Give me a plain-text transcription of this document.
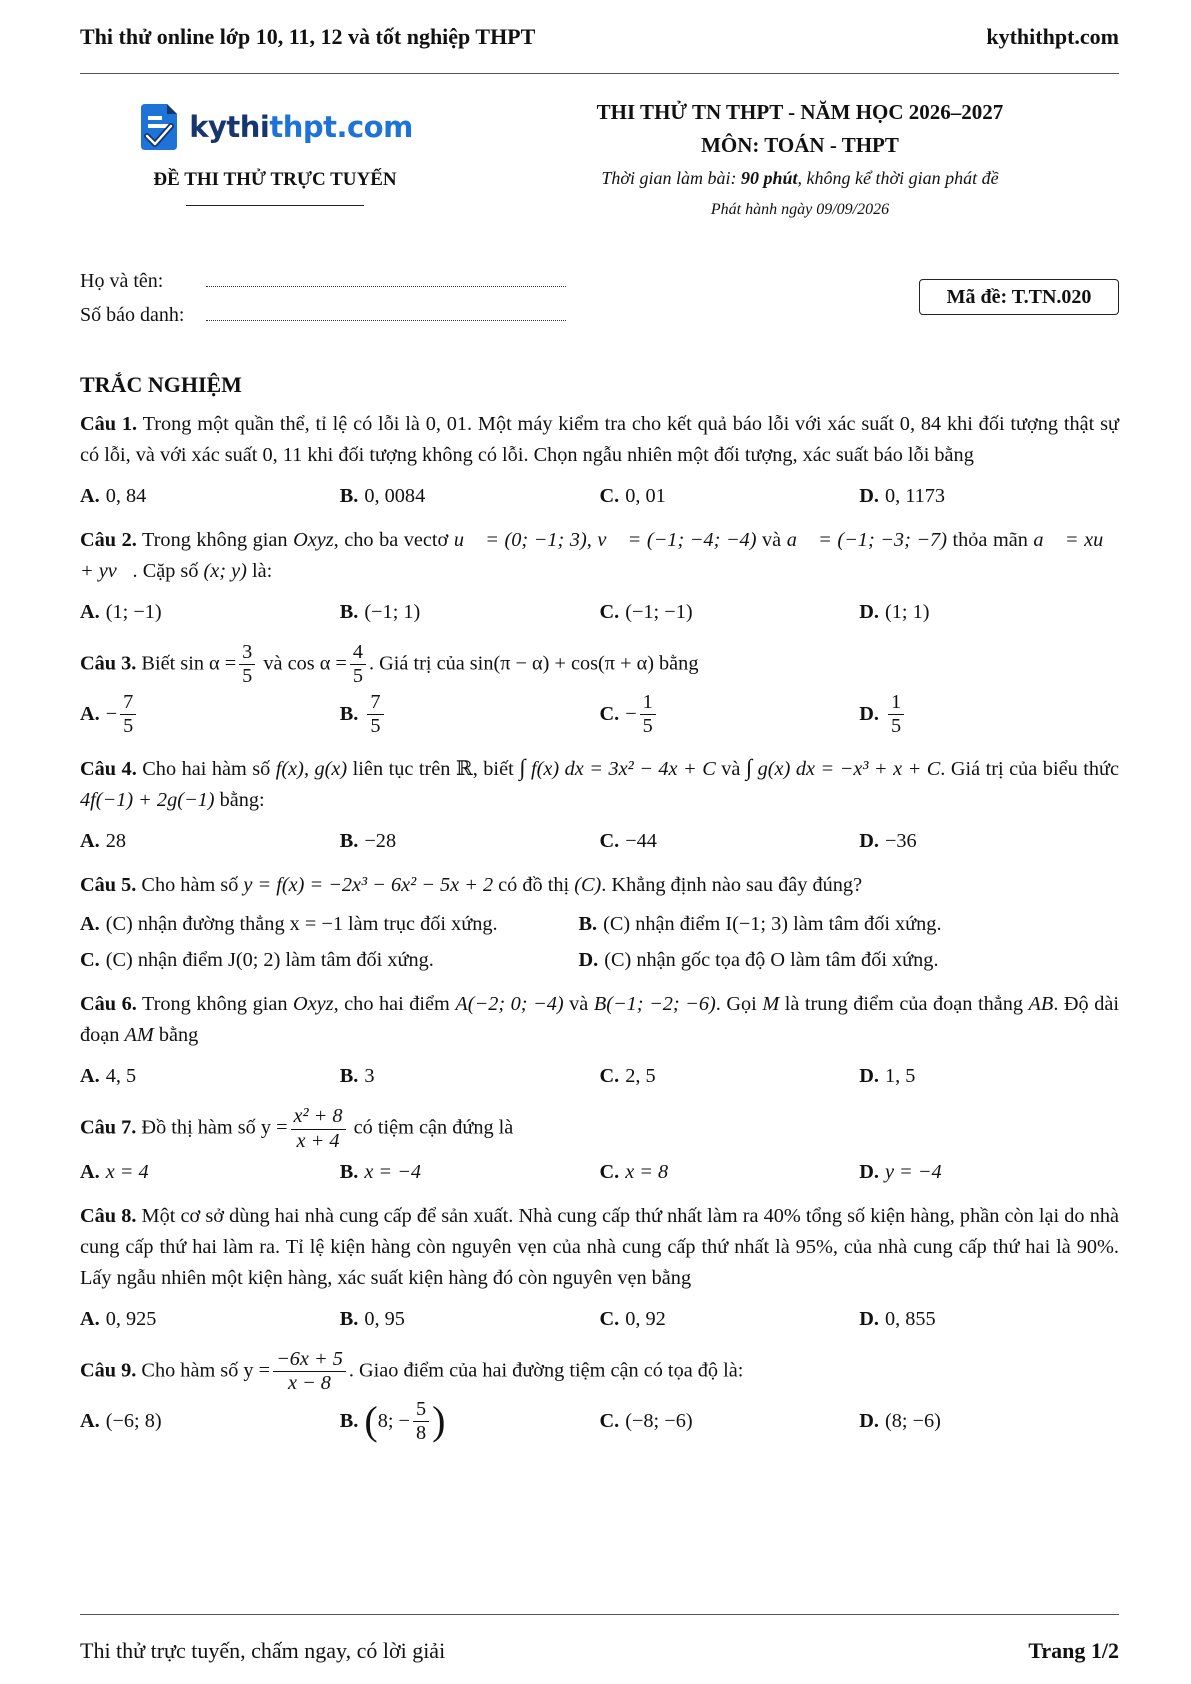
Thi thử online lớp 10, 11, 12 và tốt nghiệp THPT	kythithpt.com
kythithpt.com
ĐỀ THI THỬ TRỰC TUYẾN
THI THỬ TN THPT - NĂM HỌC 2026–2027
MÔN: TOÁN - THPT
Thời gian làm bài: 90 phút, không kể thời gian phát đề
Phát hành ngày 09/09/2026
Họ và tên:
Số báo danh:
Mã đề: T.TN.020
TRẮC NGHIỆM
Câu 1. Trong một quần thể, tỉ lệ có lỗi là 0, 01. Một máy kiểm tra cho kết quả báo lỗi với xác suất 0, 84 khi đối tượng thật sự có lỗi, và với xác suất 0, 11 khi đối tượng không có lỗi. Chọn ngẫu nhiên một đối tượng, xác suất báo lỗi bằng
A. 0, 84	B. 0, 0084	C. 0, 01	D. 0, 1173
Câu 2. Trong không gian Oxyz, cho ba vectơ u⃗ = (0; −1; 3), v⃗ = (−1; −4; −4) và a⃗ = (−1; −3; −7) thỏa mãn a⃗ = xu⃗ + yv⃗. Cặp số (x; y) là:
A. (1; −1)	B. (−1; 1)	C. (−1; −1)	D. (1; 1)
Câu 3. Biết $\sin \alpha = \frac{3}{5}$ và $\cos \alpha = \frac{4}{5}$ . Giá trị của sin(π − α) + cos(π + α) bằng
A. − $\frac{7}{5}$	B. $\frac{7}{5}$	C. − $\frac{1}{5}$	D. $\frac{1}{5}$
Câu 4. Cho hai hàm số f(x), g(x) liên tục trên ℝ, biết ∫ f(x) dx = 3x² − 4x + C và ∫ g(x) dx = −x³ + x + C. Giá trị của biểu thức 4f(−1) + 2g(−1) bằng:
A. 28	B. −28	C. −44	D. −36
Câu 5. Cho hàm số y = f(x) = −2x³ − 6x² − 5x + 2 có đồ thị (C). Khẳng định nào sau đây đúng?
A. (C) nhận đường thẳng x = −1 làm trục đối xứng.	B. (C) nhận điểm I(−1; 3) làm tâm đối xứng.
C. (C) nhận điểm J(0; 2) làm tâm đối xứng.	D. (C) nhận gốc tọa độ O làm tâm đối xứng.
Câu 6. Trong không gian Oxyz, cho hai điểm A(−2; 0; −4) và B(−1; −2; −6). Gọi M là trung điểm của đoạn thẳng AB. Độ dài đoạn AM bằng
A. 4, 5	B. 3	C. 2, 5	D. 1, 5
Câu 7. Đồ thị hàm số $y = \frac{\text{x² + 8}}{x + 4}$ có tiệm cận đứng là
A. x = 4	B. x = −4	C. x = 8	D. y = −4
Câu 8. Một cơ sở dùng hai nhà cung cấp để sản xuất. Nhà cung cấp thứ nhất làm ra 40% tổng số kiện hàng, phần còn lại do nhà cung cấp thứ hai làm ra. Tỉ lệ kiện hàng còn nguyên vẹn của nhà cung cấp thứ nhất là 95%, của nhà cung cấp thứ hai là 90%. Lấy ngẫu nhiên một kiện hàng, xác suất kiện hàng đó còn nguyên vẹn bằng
A. 0, 925	B. 0, 95	C. 0, 92	D. 0, 855
Câu 9. Cho hàm số $y = \frac{-6x + 5}{x - 8}$ . Giao điểm của hai đường tiệm cận có tọa độ là:
A. (−6; 8)	B. ( 8; − $\frac{5}{8}$ )	C. (−8; −6)	D. (8; −6)
Thi thử trực tuyến, chấm ngay, có lời giải	Trang 1/2
